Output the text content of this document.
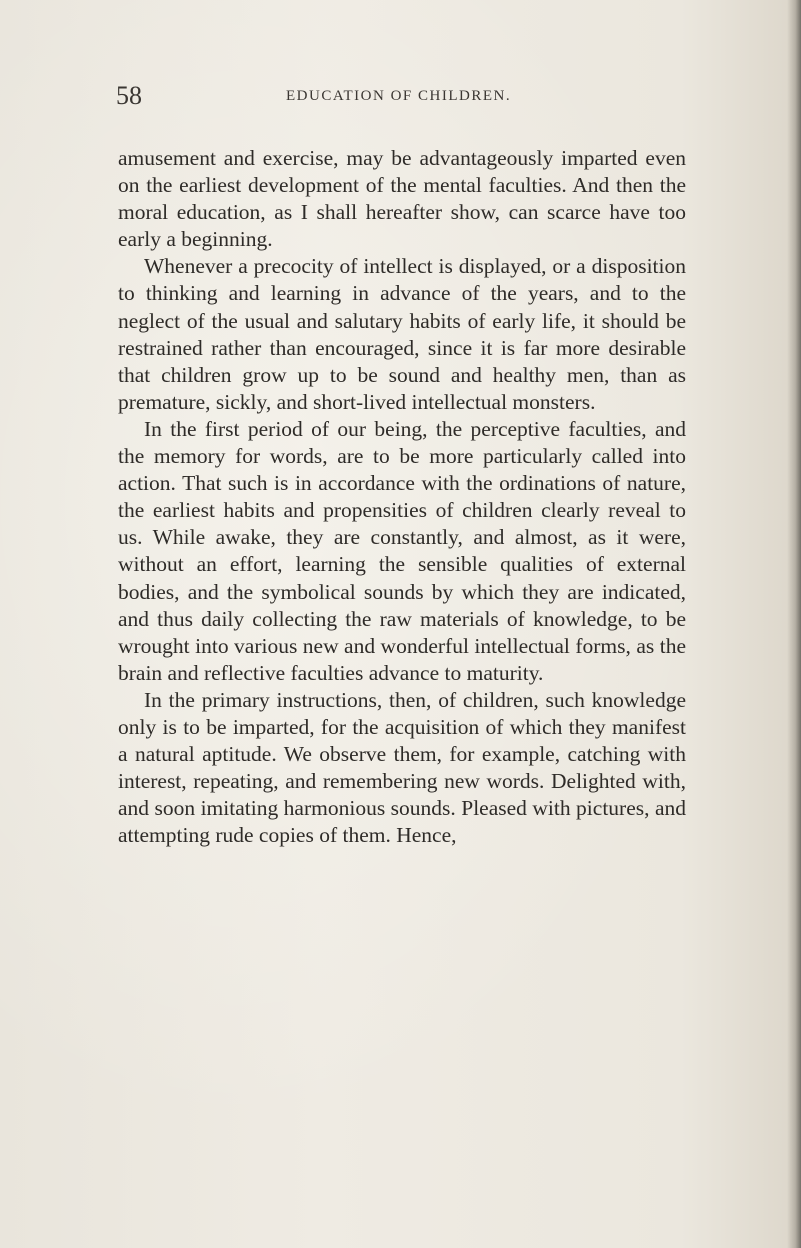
58	EDUCATION OF CHILDREN.

amusement and exercise, may be advantageously imparted even on the earliest development of the mental faculties. And then the moral education, as I shall hereafter show, can scarce have too early a beginning.

Whenever a precocity of intellect is displayed, or a disposition to thinking and learning in advance of the years, and to the neglect of the usual and salutary habits of early life, it should be restrained rather than encouraged, since it is far more desirable that children grow up to be sound and healthy men, than as premature, sickly, and short-lived intellectual monsters.

In the first period of our being, the perceptive faculties, and the memory for words, are to be more particularly called into action. That such is in accordance with the ordinations of nature, the earliest habits and propensities of children clearly reveal to us. While awake, they are constantly, and almost, as it were, without an effort, learning the sensible qualities of external bodies, and the symbolical sounds by which they are indicated, and thus daily collecting the raw materials of knowledge, to be wrought into various new and wonderful intellectual forms, as the brain and reflective faculties advance to maturity.

In the primary instructions, then, of children, such knowledge only is to be imparted, for the acquisition of which they manifest a natural aptitude. We observe them, for example, catching with interest, repeating, and remembering new words. Delighted with, and soon imitating harmonious sounds. Pleased with pictures, and attempting rude copies of them. Hence,
